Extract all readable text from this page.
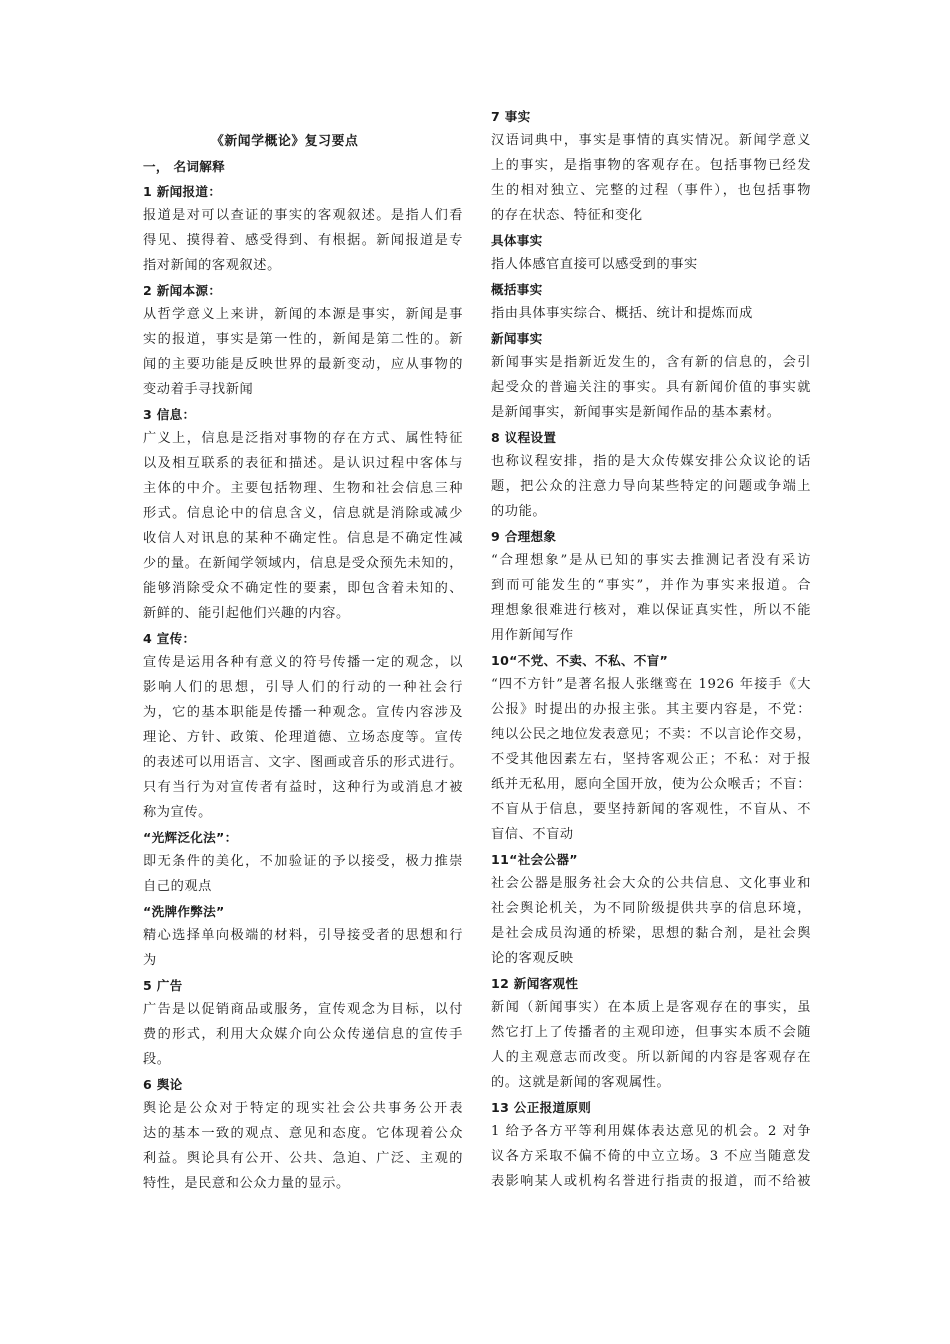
《新闻学概论》复习要点
一， 名词解释
1 新闻报道：
报道是对可以查证的事实的客观叙述。是指人们看
得见、摸得着、感受得到、有根据。新闻报道是专
指对新闻的客观叙述。
2 新闻本源：
从哲学意义上来讲，新闻的本源是事实，新闻是事
实的报道，事实是第一性的，新闻是第二性的。新
闻的主要功能是反映世界的最新变动，应从事物的
变动着手寻找新闻
3 信息：
广义上，信息是泛指对事物的存在方式、属性特征
以及相互联系的表征和描述。是认识过程中客体与
主体的中介。主要包括物理、生物和社会信息三种
形式。信息论中的信息含义，信息就是消除或减少
收信人对讯息的某种不确定性。信息是不确定性减
少的量。在新闻学领域内，信息是受众预先未知的，
能够消除受众不确定性的要素，即包含着未知的、
新鲜的、能引起他们兴趣的内容。
4 宣传：
宣传是运用各种有意义的符号传播一定的观念，以
影响人们的思想，引导人们的行动的一种社会行
为，它的基本职能是传播一种观念。宣传内容涉及
理论、方针、政策、伦理道德、立场态度等。宣传
的表述可以用语言、文字、图画或音乐的形式进行。
只有当行为对宣传者有益时，这种行为或消息才被
称为宣传。
“光辉泛化法”：
即无条件的美化，不加验证的予以接受，极力推崇
自己的观点
“洗牌作弊法”
精心选择单向极端的材料，引导接受者的思想和行
为
5 广告
广告是以促销商品或服务，宣传观念为目标，以付
费的形式，利用大众媒介向公众传递信息的宣传手
段。
6 舆论
舆论是公众对于特定的现实社会公共事务公开表
达的基本一致的观点、意见和态度。它体现着公众
利益。舆论具有公开、公共、急迫、广泛、主观的
特性，是民意和公众力量的显示。
7 事实
汉语词典中，事实是事情的真实情况。新闻学意义
上的事实，是指事物的客观存在。包括事物已经发
生的相对独立、完整的过程（事件），也包括事物
的存在状态、特征和变化
具体事实
指人体感官直接可以感受到的事实
概括事实
指由具体事实综合、概括、统计和提炼而成
新闻事实
新闻事实是指新近发生的，含有新的信息的，会引
起受众的普遍关注的事实。具有新闻价值的事实就
是新闻事实，新闻事实是新闻作品的基本素材。
8 议程设置
也称议程安排，指的是大众传媒安排公众议论的话
题，把公众的注意力导向某些特定的问题或争端上
的功能。
9 合理想象
“合理想象”是从已知的事实去推测记者没有采访
到而可能发生的“事实”，并作为事实来报道。合
理想象很难进行核对，难以保证真实性，所以不能
用作新闻写作
10“不党、不卖、不私、不盲”
“四不方针”是著名报人张继鸾在 1926 年接手《大
公报》时提出的办报主张。其主要内容是，不党：
纯以公民之地位发表意见；不卖：不以言论作交易，
不受其他因素左右，坚持客观公正；不私：对于报
纸并无私用，愿向全国开放，使为公众喉舌；不盲：
不盲从于信息，要坚持新闻的客观性，不盲从、不
盲信、不盲动
11“社会公器”
社会公器是服务社会大众的公共信息、文化事业和
社会舆论机关，为不同阶级提供共享的信息环境，
是社会成员沟通的桥梁，思想的黏合剂，是社会舆
论的客观反映
12 新闻客观性
新闻（新闻事实）在本质上是客观存在的事实，虽
然它打上了传播者的主观印迹，但事实本质不会随
人的主观意志而改变。所以新闻的内容是客观存在
的。这就是新闻的客观属性。
13 公正报道原则
1 给予各方平等利用媒体表达意见的机会。2 对争
议各方采取不偏不倚的中立立场。3 不应当随意发
表影响某人或机构名誉进行指责的报道，而不给被
